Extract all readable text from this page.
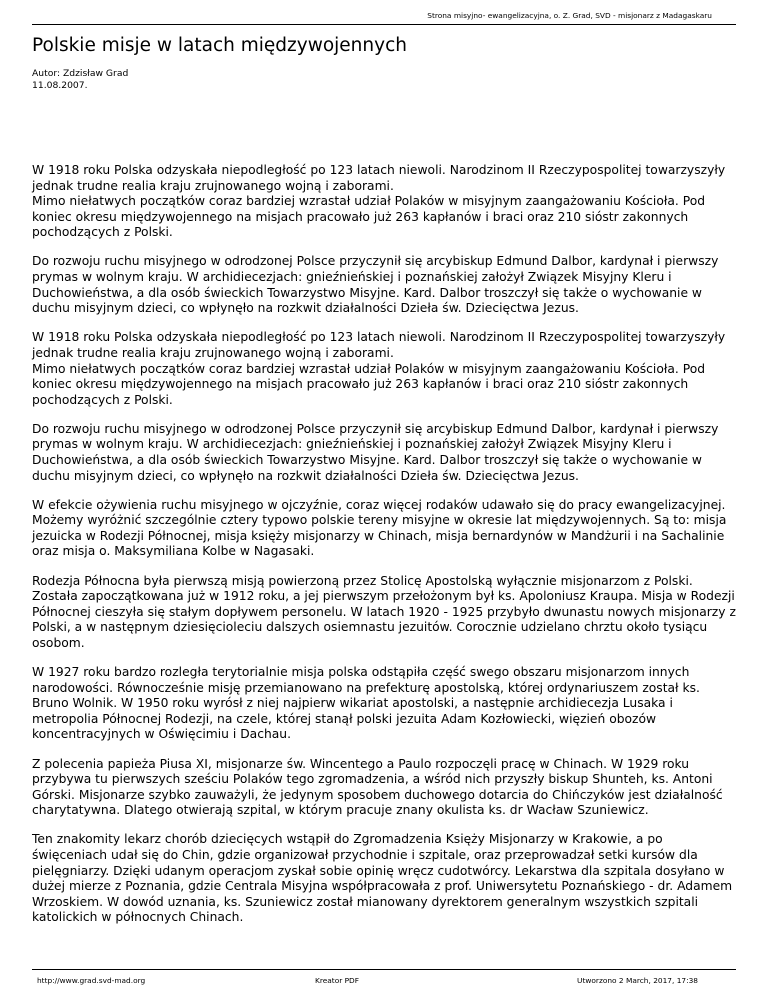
Strona misyjno- ewangelizacyjna, o. Z. Grad, SVD - misjonarz z Madagaskaru
Polskie misje w latach międzywojennych
Autor: Zdzisław Grad
11.08.2007.

W 1918 roku Polska odzyskała niepodległość po 123 latach niewoli. Narodzinom II Rzeczypospolitej towarzyszyły jednak trudne realia kraju zrujnowanego wojną i zaborami.
Mimo niełatwych początków coraz bardziej wzrastał udział Polaków w misyjnym zaangażowaniu Kościoła. Pod koniec okresu międzywojennego na misjach pracowało już 263 kapłanów i braci oraz 210 sióstr zakonnych pochodzących z Polski.

Do rozwoju ruchu misyjnego w odrodzonej Polsce przyczynił się arcybiskup Edmund Dalbor, kardynał i pierwszy prymas w wolnym kraju. W archidiecezjach: gnieźnieńskiej i poznańskiej założył Związek Misyjny Kleru i Duchowieństwa, a dla osób świeckich Towarzystwo Misyjne. Kard. Dalbor troszczył się także o wychowanie w duchu misyjnym dzieci, co wpłynęło na rozkwit działalności Dzieła św. Dziecięctwa Jezus.

W 1918 roku Polska odzyskała niepodległość po 123 latach niewoli. Narodzinom II Rzeczypospolitej towarzyszyły jednak trudne realia kraju zrujnowanego wojną i zaborami.
Mimo niełatwych początków coraz bardziej wzrastał udział Polaków w misyjnym zaangażowaniu Kościoła. Pod koniec okresu międzywojennego na misjach pracowało już 263 kapłanów i braci oraz 210 sióstr zakonnych pochodzących z Polski.

Do rozwoju ruchu misyjnego w odrodzonej Polsce przyczynił się arcybiskup Edmund Dalbor, kardynał i pierwszy prymas w wolnym kraju. W archidiecezjach: gnieźnieńskiej i poznańskiej założył Związek Misyjny Kleru i Duchowieństwa, a dla osób świeckich Towarzystwo Misyjne. Kard. Dalbor troszczył się także o wychowanie w duchu misyjnym dzieci, co wpłynęło na rozkwit działalności Dzieła św. Dziecięctwa Jezus.

W efekcie ożywienia ruchu misyjnego w ojczyźnie, coraz więcej rodaków udawało się do pracy ewangelizacyjnej. Możemy wyróżnić szczególnie cztery typowo polskie tereny misyjne w okresie lat międzywojennych. Są to: misja jezuicka w Rodezji Północnej, misja księży misjonarzy w Chinach, misja bernardynów w Mandżurii i na Sachalinie oraz misja o. Maksymiliana Kolbe w Nagasaki.

Rodezja Północna była pierwszą misją powierzoną przez Stolicę Apostolską wyłącznie misjonarzom z Polski. Została zapoczątkowana już w 1912 roku, a jej pierwszym przełożonym był ks. Apoloniusz Kraupa. Misja w Rodezji Północnej cieszyła się stałym dopływem personelu. W latach 1920 - 1925 przybyło dwunastu nowych misjonarzy z Polski, a w następnym dziesięcioleciu dalszych osiemnastu jezuitów. Corocznie udzielano chrztu około tysiącu osobom.

W 1927 roku bardzo rozległa terytorialnie misja polska odstąpiła część swego obszaru misjonarzom innych narodowości. Równocześnie misję przemianowano na prefekturę apostolską, której ordynariuszem został ks. Bruno Wolnik. W 1950 roku wyrósł z niej najpierw wikariat apostolski, a następnie archidiecezja Lusaka i metropolia Północnej Rodezji, na czele, której stanął polski jezuita Adam Kozłowiecki, więzień obozów koncentracyjnych w Oświęcimiu i Dachau.

Z polecenia papieża Piusa XI, misjonarze św. Wincentego a Paulo rozpoczęli pracę w Chinach. W 1929 roku przybywa tu pierwszych sześciu Polaków tego zgromadzenia, a wśród nich przyszły biskup Shunteh, ks. Antoni Górski. Misjonarze szybko zauważyli, że jedynym sposobem duchowego dotarcia do Chińczyków jest działalność charytatywna. Dlatego otwierają szpital, w którym pracuje znany okulista ks. dr Wacław Szuniewicz.

Ten znakomity lekarz chorób dziecięcych wstąpił do Zgromadzenia Księży Misjonarzy w Krakowie, a po święceniach udał się do Chin, gdzie organizował przychodnie i szpitale, oraz przeprowadzał setki kursów dla pielęgniarzy. Dzięki udanym operacjom zyskał sobie opinię wręcz cudotwórcy. Lekarstwa dla szpitala dosyłano w dużej mierze z Poznania, gdzie Centrala Misyjna współpracowała z prof. Uniwersytetu Poznańskiego - dr. Adamem Wrzoskiem. W dowód uznania, ks. Szuniewicz został mianowany dyrektorem generalnym wszystkich szpitali katolickich w północnych Chinach.

http://www.grad.svd-mad.org	Kreator PDF	Utworzono 2 March, 2017, 17:38
